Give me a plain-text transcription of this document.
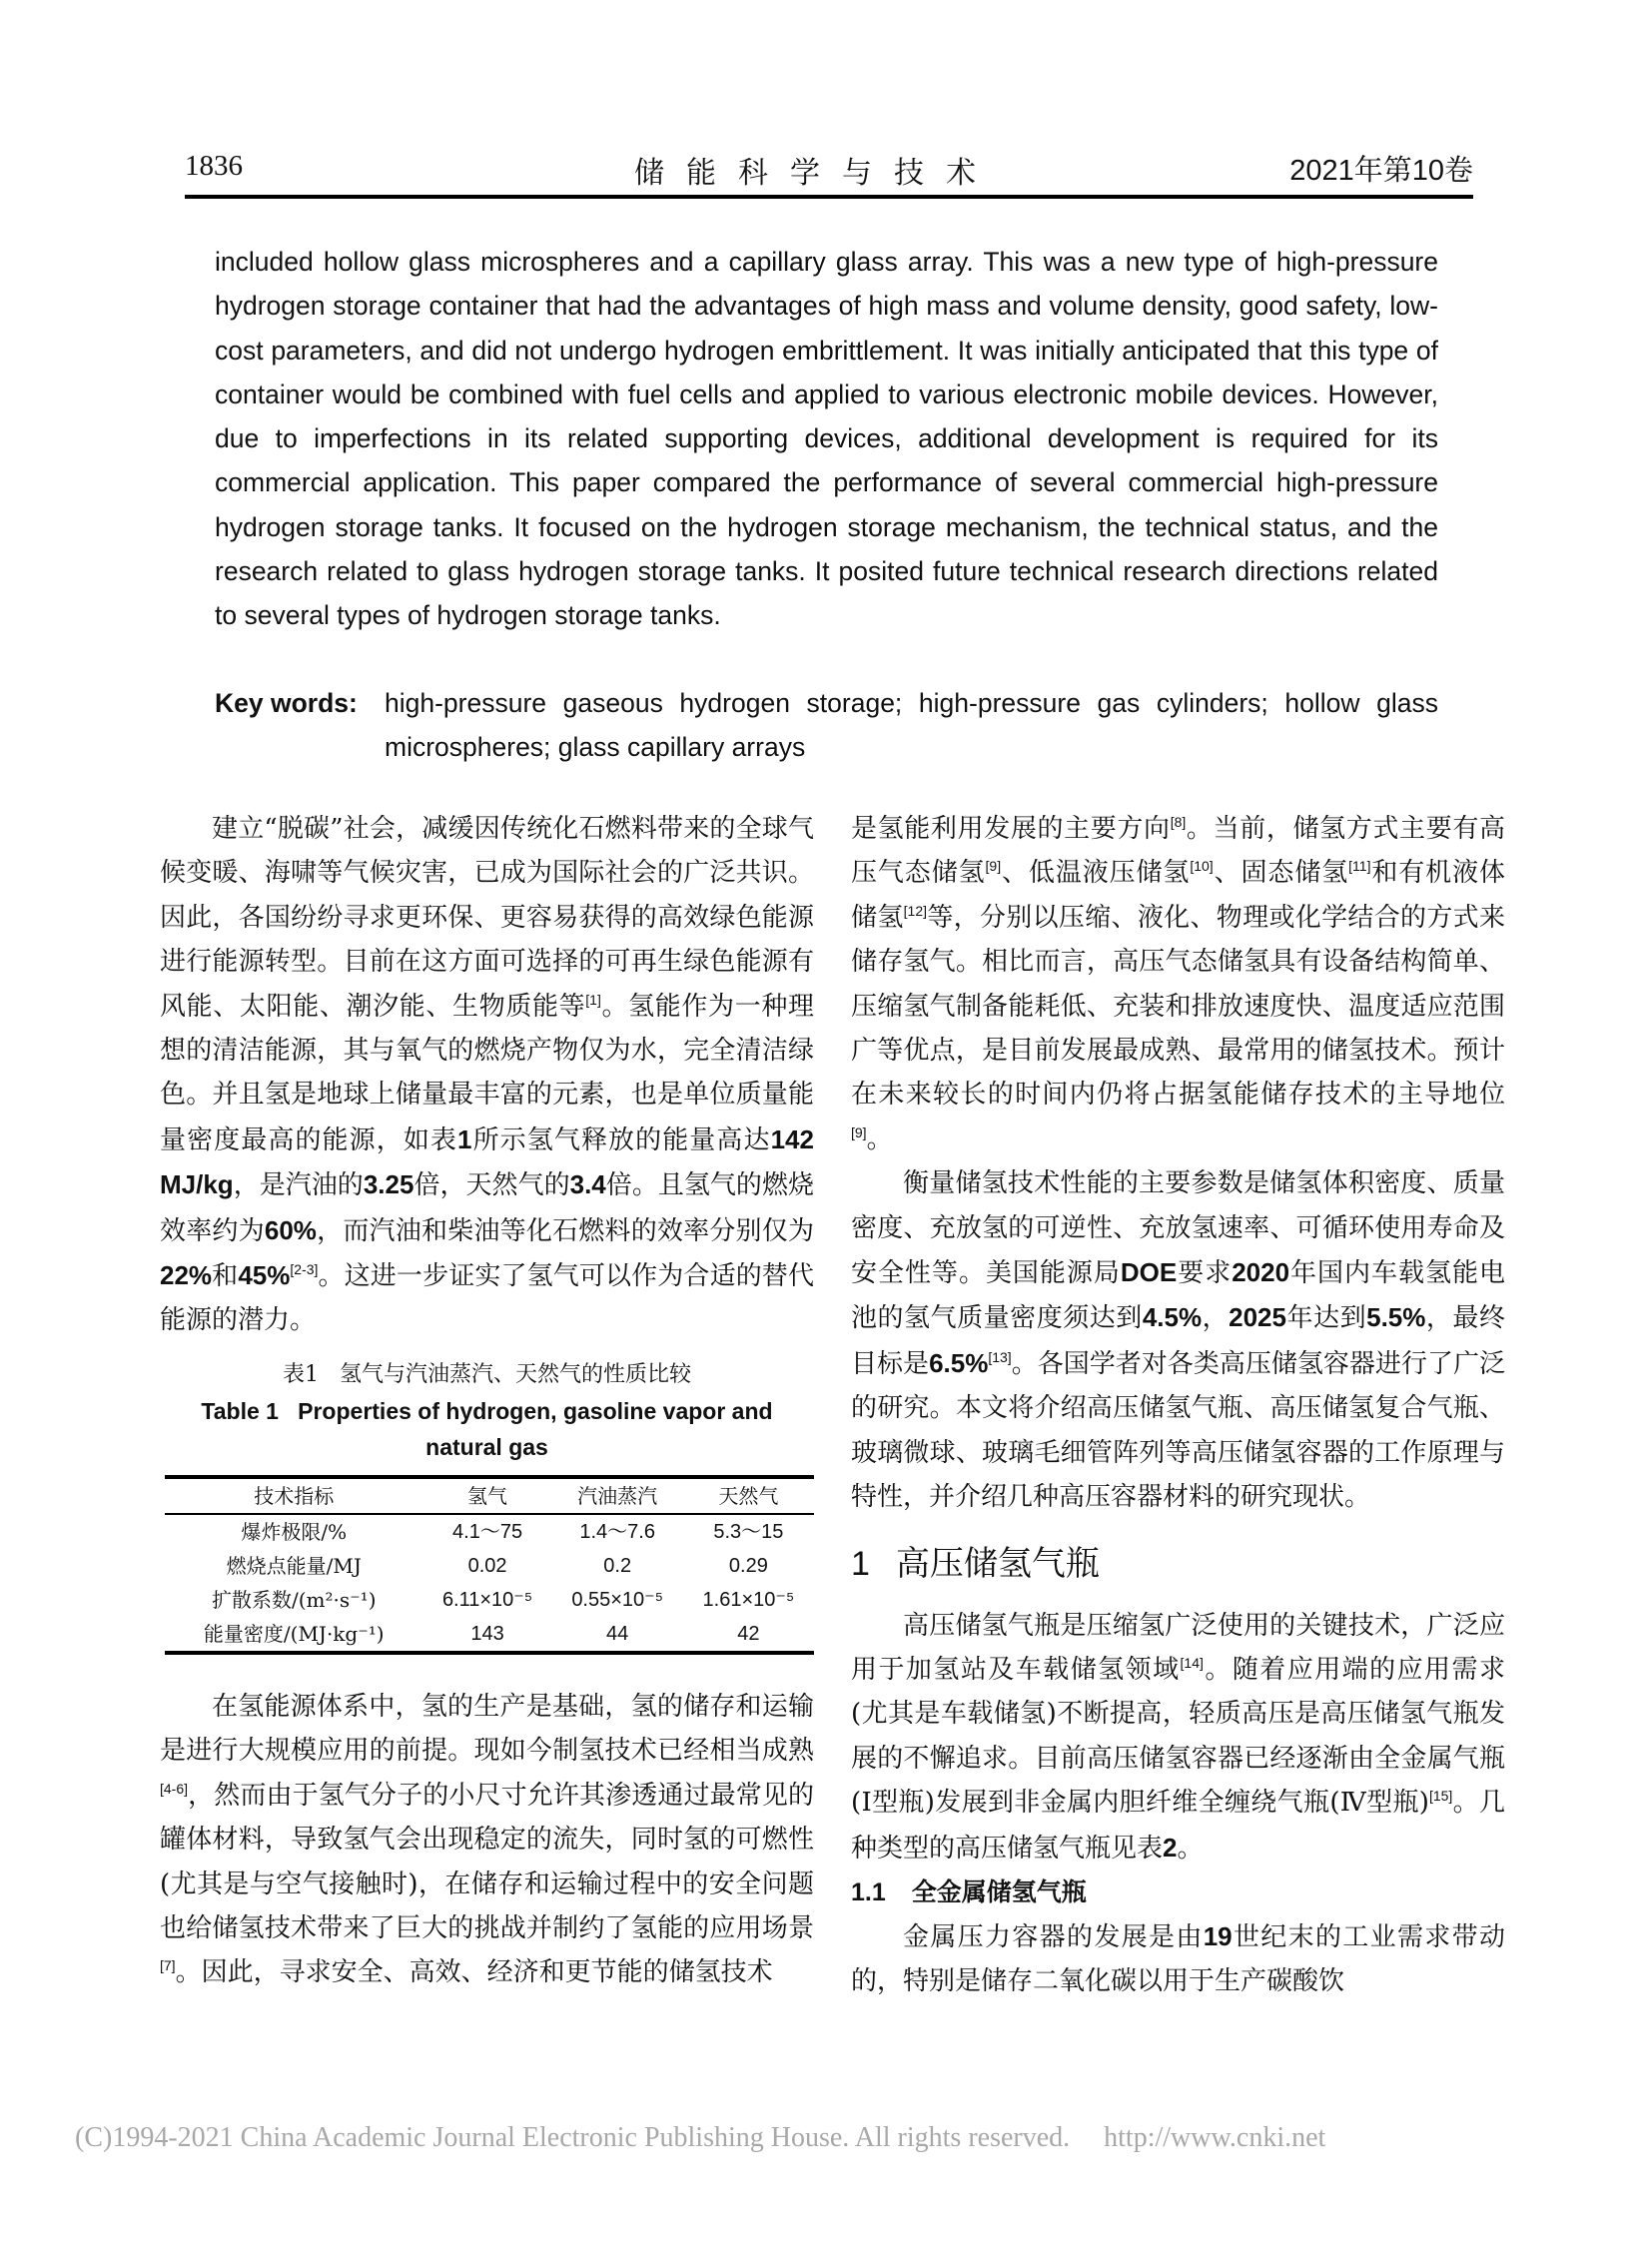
1836	储能科学与技术	2021年第10卷
included hollow glass microspheres and a capillary glass array. This was a new type of high-pressure hydrogen storage container that had the advantages of high mass and volume density, good safety, low-cost parameters, and did not undergo hydrogen embrittlement. It was initially anticipated that this type of container would be combined with fuel cells and applied to various electronic mobile devices. However, due to imperfections in its related supporting devices, additional development is required for its commercial application. This paper compared the performance of several commercial high-pressure hydrogen storage tanks. It focused on the hydrogen storage mechanism, the technical status, and the research related to glass hydrogen storage tanks. It posited future technical research directions related to several types of hydrogen storage tanks.
Key words:	high-pressure gaseous hydrogen storage; high-pressure gas cylinders; hollow glass microspheres; glass capillary arrays

建立“脱碳”社会，减缓因传统化石燃料带来的全球气候变暖、海啸等气候灾害，已成为国际社会的广泛共识。因此，各国纷纷寻求更环保、更容易获得的高效绿色能源进行能源转型。目前在这方面可选择的可再生绿色能源有风能、太阳能、潮汐能、生物质能等[1]。氢能作为一种理想的清洁能源，其与氧气的燃烧产物仅为水，完全清洁绿色。并且氢是地球上储量最丰富的元素，也是单位质量能量密度最高的能源，如表1所示氢气释放的能量高达142 MJ/kg，是汽油的3.25倍，天然气的3.4倍。且氢气的燃烧效率约为60%，而汽油和柴油等化石燃料的效率分别仅为22%和45%[2-3]。这进一步证实了氢气可以作为合适的替代能源的潜力。

表1 氢气与汽油蒸汽、天然气的性质比较
Table 1 Properties of hydrogen, gasoline vapor and natural gas
技术指标	氢气	汽油蒸汽	天然气
爆炸极限/%	4.1～75	1.4～7.6	5.3～15
燃烧点能量/MJ	0.02	0.2	0.29
扩散系数/(m²·s⁻¹)	6.11×10⁻⁵	0.55×10⁻⁵	1.61×10⁻⁵
能量密度/(MJ·kg⁻¹)	143	44	42

在氢能源体系中，氢的生产是基础，氢的储存和运输是进行大规模应用的前提。现如今制氢技术已经相当成熟[4-6]，然而由于氢气分子的小尺寸允许其渗透通过最常见的罐体材料，导致氢气会出现稳定的流失，同时氢的可燃性(尤其是与空气接触时)，在储存和运输过程中的安全问题也给储氢技术带来了巨大的挑战并制约了氢能的应用场景[7]。因此，寻求安全、高效、经济和更节能的储氢技术

是氢能利用发展的主要方向[8]。当前，储氢方式主要有高压气态储氢[9]、低温液压储氢[10]、固态储氢[11]和有机液体储氢[12]等，分别以压缩、液化、物理或化学结合的方式来储存氢气。相比而言，高压气态储氢具有设备结构简单、压缩氢气制备能耗低、充装和排放速度快、温度适应范围广等优点，是目前发展最成熟、最常用的储氢技术。预计在未来较长的时间内仍将占据氢能储存技术的主导地位[9]。

衡量储氢技术性能的主要参数是储氢体积密度、质量密度、充放氢的可逆性、充放氢速率、可循环使用寿命及安全性等。美国能源局DOE要求2020年国内车载氢能电池的氢气质量密度须达到4.5%，2025年达到5.5%，最终目标是6.5%[13]。各国学者对各类高压储氢容器进行了广泛的研究。本文将介绍高压储氢气瓶、高压储氢复合气瓶、玻璃微球、玻璃毛细管阵列等高压储氢容器的工作原理与特性，并介绍几种高压容器材料的研究现状。

1 高压储氢气瓶

高压储氢气瓶是压缩氢广泛使用的关键技术，广泛应用于加氢站及车载储氢领域[14]。随着应用端的应用需求(尤其是车载储氢)不断提高，轻质高压是高压储氢气瓶发展的不懈追求。目前高压储氢容器已经逐渐由全金属气瓶(Ⅰ型瓶)发展到非金属内胆纤维全缠绕气瓶(Ⅳ型瓶)[15]。几种类型的高压储氢气瓶见表2。

1.1 全金属储氢气瓶

金属压力容器的发展是由19世纪末的工业需求带动的，特别是储存二氧化碳以用于生产碳酸饮

(C)1994-2021 China Academic Journal Electronic Publishing House. All rights reserved. http://www.cnki.net
